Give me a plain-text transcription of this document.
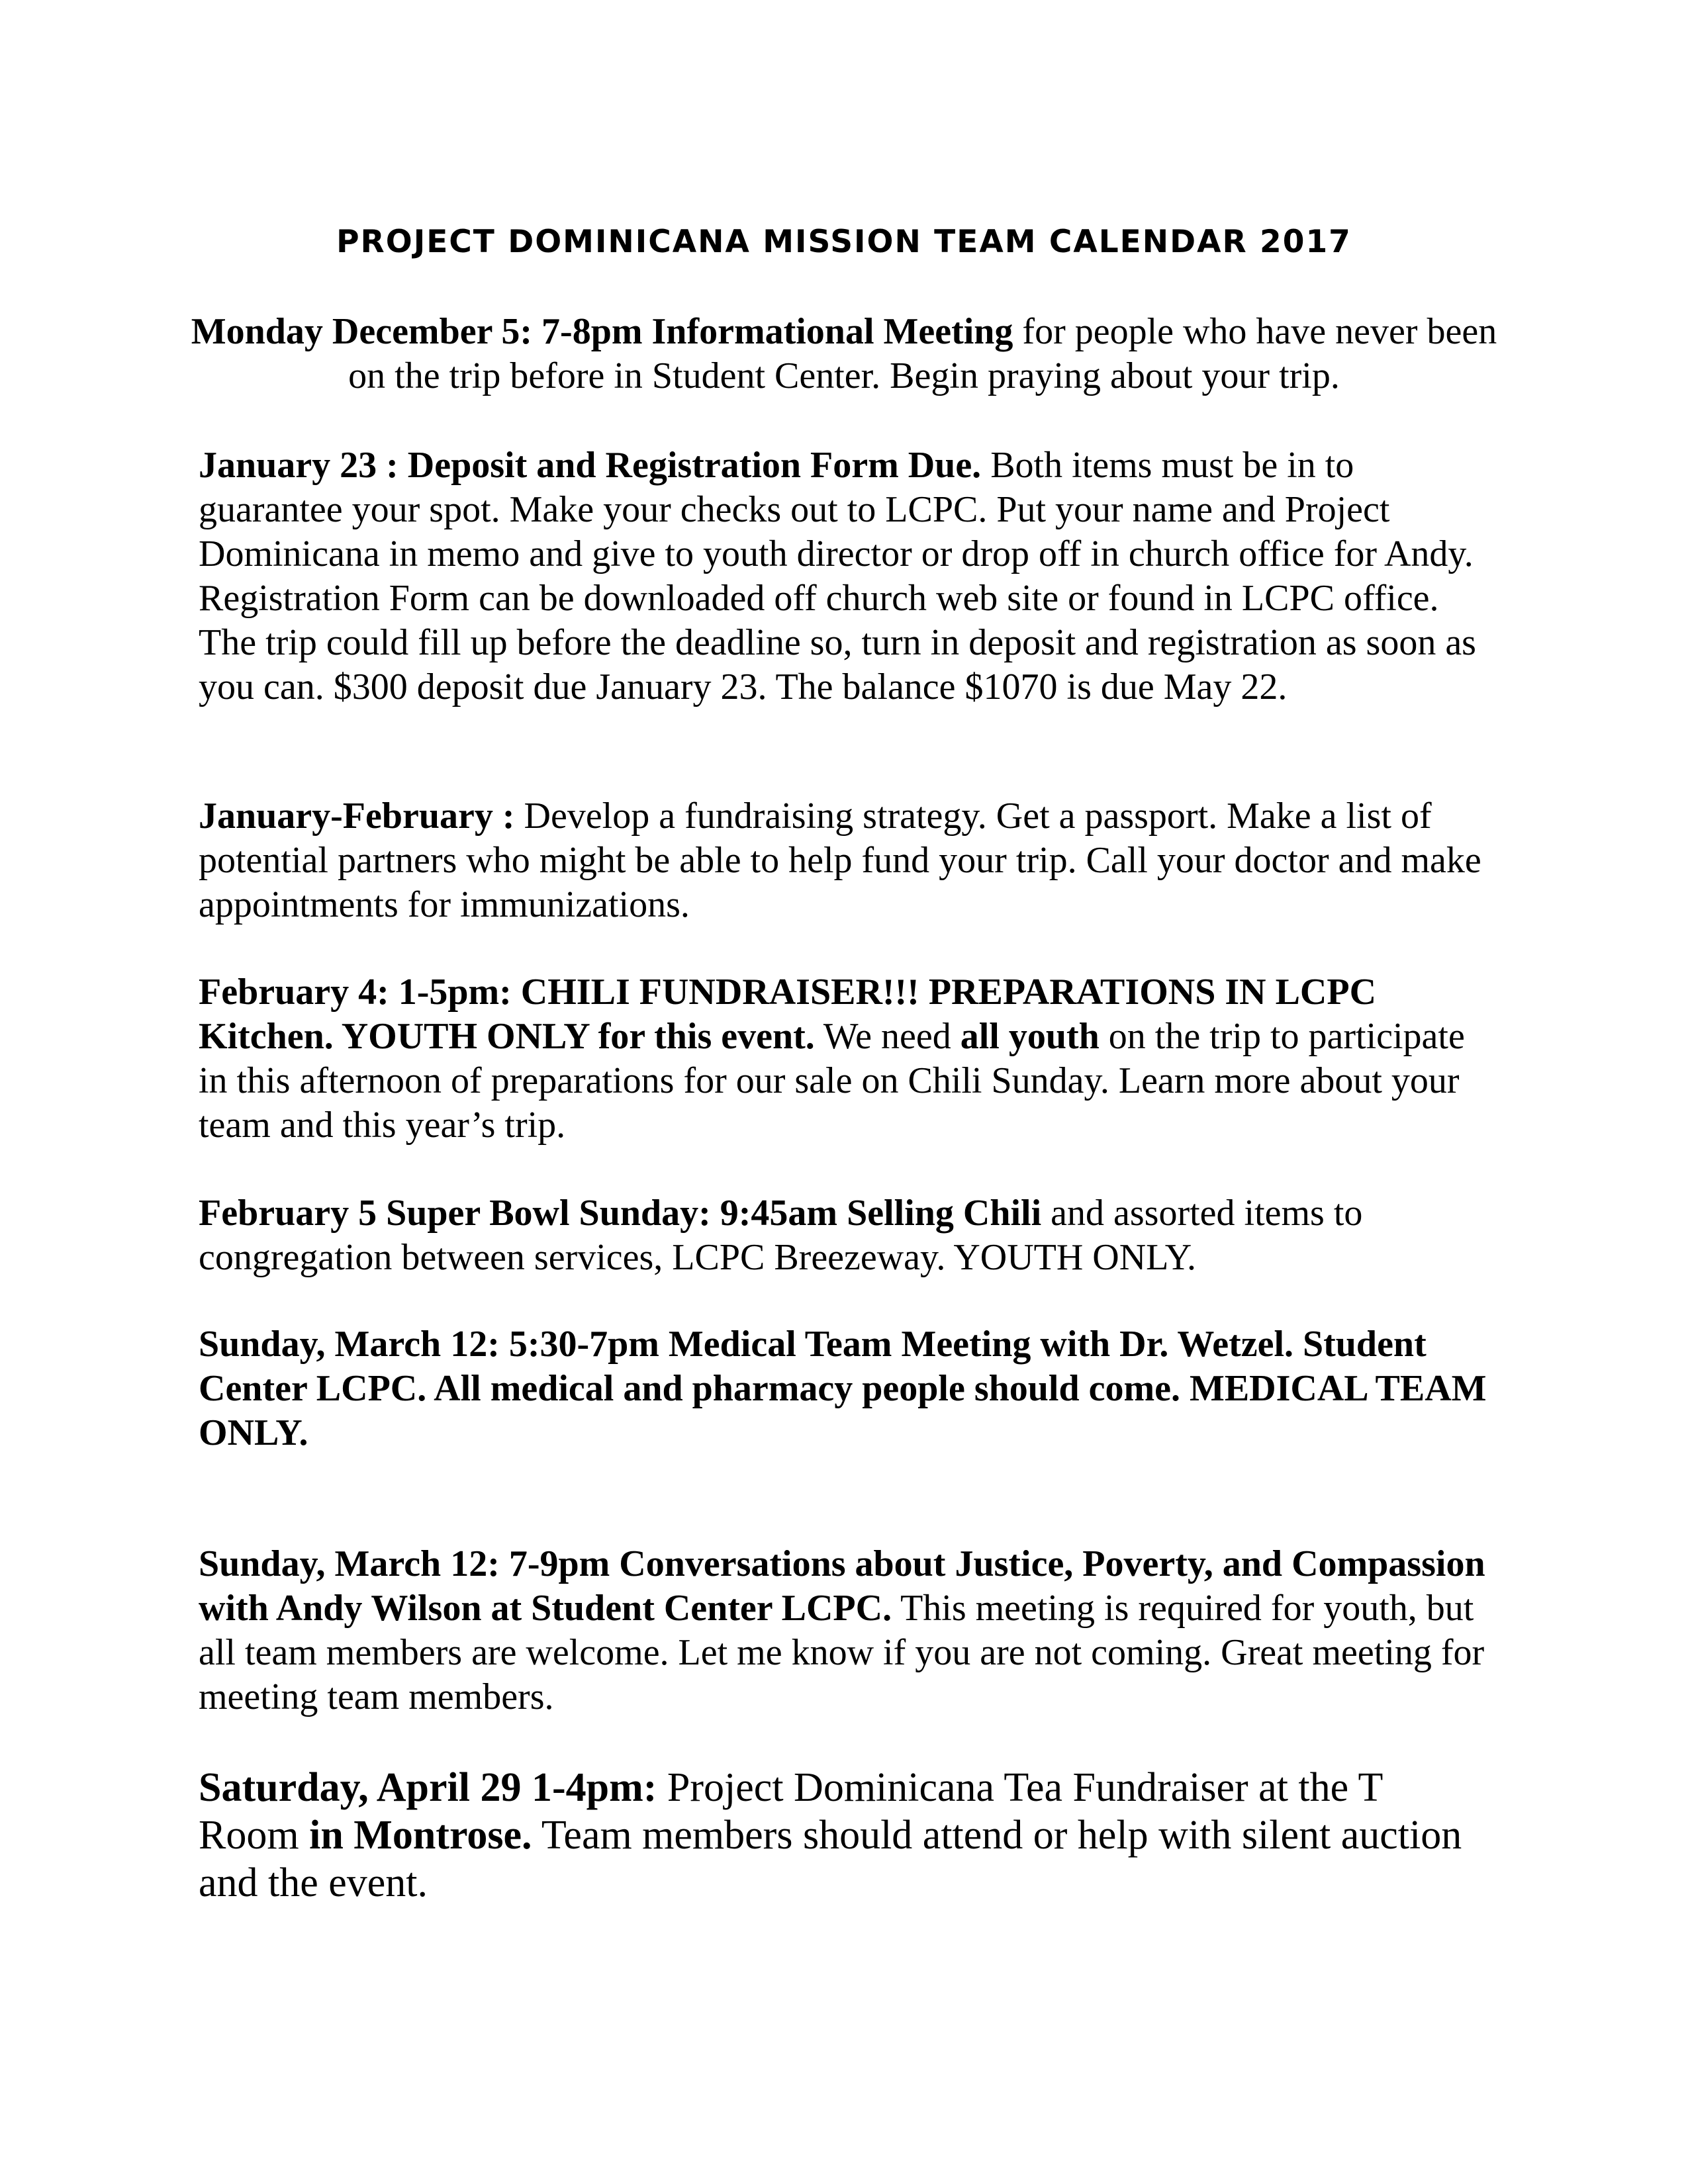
PROJECT DOMINICANA MISSION TEAM CALENDAR 2017

Monday December 5: 7-8pm Informational Meeting for people who have never been on the trip before in Student Center. Begin praying about your trip.

January 23 : Deposit and Registration Form Due. Both items must be in to guarantee your spot. Make your checks out to LCPC. Put your name and Project Dominicana in memo and give to youth director or drop off in church office for Andy. Registration Form can be downloaded off church web site or found in LCPC office. The trip could fill up before the deadline so, turn in deposit and registration as soon as you can. $300 deposit due January 23. The balance $1070 is due May 22.

January-February : Develop a fundraising strategy. Get a passport. Make a list of potential partners who might be able to help fund your trip. Call your doctor and make appointments for immunizations.

February 4: 1-5pm: CHILI FUNDRAISER!!! PREPARATIONS IN LCPC Kitchen. YOUTH ONLY for this event. We need all youth on the trip to participate in this afternoon of preparations for our sale on Chili Sunday. Learn more about your team and this year’s trip.

February 5 Super Bowl Sunday: 9:45am Selling Chili and assorted items to congregation between services, LCPC Breezeway. YOUTH ONLY.

Sunday, March 12: 5:30-7pm Medical Team Meeting with Dr. Wetzel. Student Center LCPC. All medical and pharmacy people should come. MEDICAL TEAM ONLY.

Sunday, March 12: 7-9pm Conversations about Justice, Poverty, and Compassion with Andy Wilson at Student Center LCPC. This meeting is required for youth, but all team members are welcome. Let me know if you are not coming. Great meeting for meeting team members.

Saturday, April 29 1-4pm: Project Dominicana Tea Fundraiser at the T Room in Montrose. Team members should attend or help with silent auction and the event.
